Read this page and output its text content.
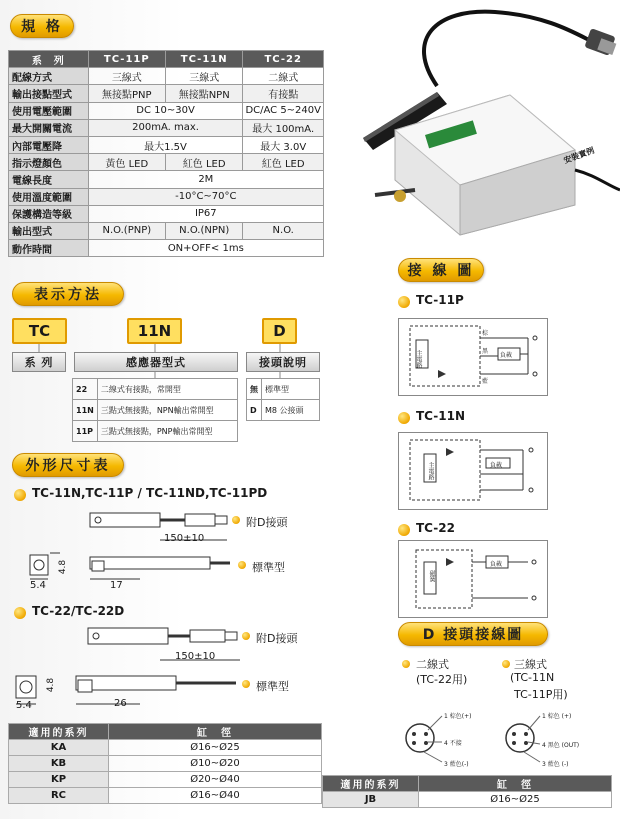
規 格
系　列	TC-11P	TC-11N	TC-22
配線方式	三線式	三線式	二線式
輸出接點型式	無接點PNP	無接點NPN	有接點
使用電壓範圍	DC 10~30V		DC/AC 5~240V
最大開關電流	200mA. max.		最大 100mA.
內部電壓降	最大1.5V		最大 3.0V
指示燈顏色	黃色 LED	紅色 LED	紅色 LED
電線長度	2M		
使用溫度範圍	-10°C~70°C		
保護構造等級	IP67		
輸出型式	N.O.(PNP)	N.O.(NPN)	N.O.
動作時間	ON+OFF< 1ms		
安裝實例
表示方法
TC	11N	D
系 列	感應器型式	接頭說明
22	二線式有接點，常開型
11N	三點式無接點，NPN輸出常開型
11P	三點式無接點，PNP輸出常開型
無	標準型
D	M8 公接頭
外形尺寸表
TC-11N,TC-11P / TC-11ND,TC-11PD
150±10
附D接頭
標準型
5.4
4.8
17
TC-22/TC-22D
150±10
附D接頭
標準型
5.4
4.8
26
適用的系列	缸　徑
KA	Ø16~Ø25
KB	Ø10~Ø20
KP	Ø20~Ø40
RC	Ø16~Ø40
接 線 圖
TC-11P
負載
棕
黑
藍
主電路
TC-11N
負載
主電路
TC-22
負載
磁簧
D 接頭接線圖
二線式
(TC-22用)
三線式
(TC-11N
TC-11P用)
1 棕色(+)
4 不接
3 藍色(-)
1 棕色 (+)
4 黑色 (OUT)
3 藍色 (-)
適用的系列	缸　徑
JB	Ø16~Ø25
